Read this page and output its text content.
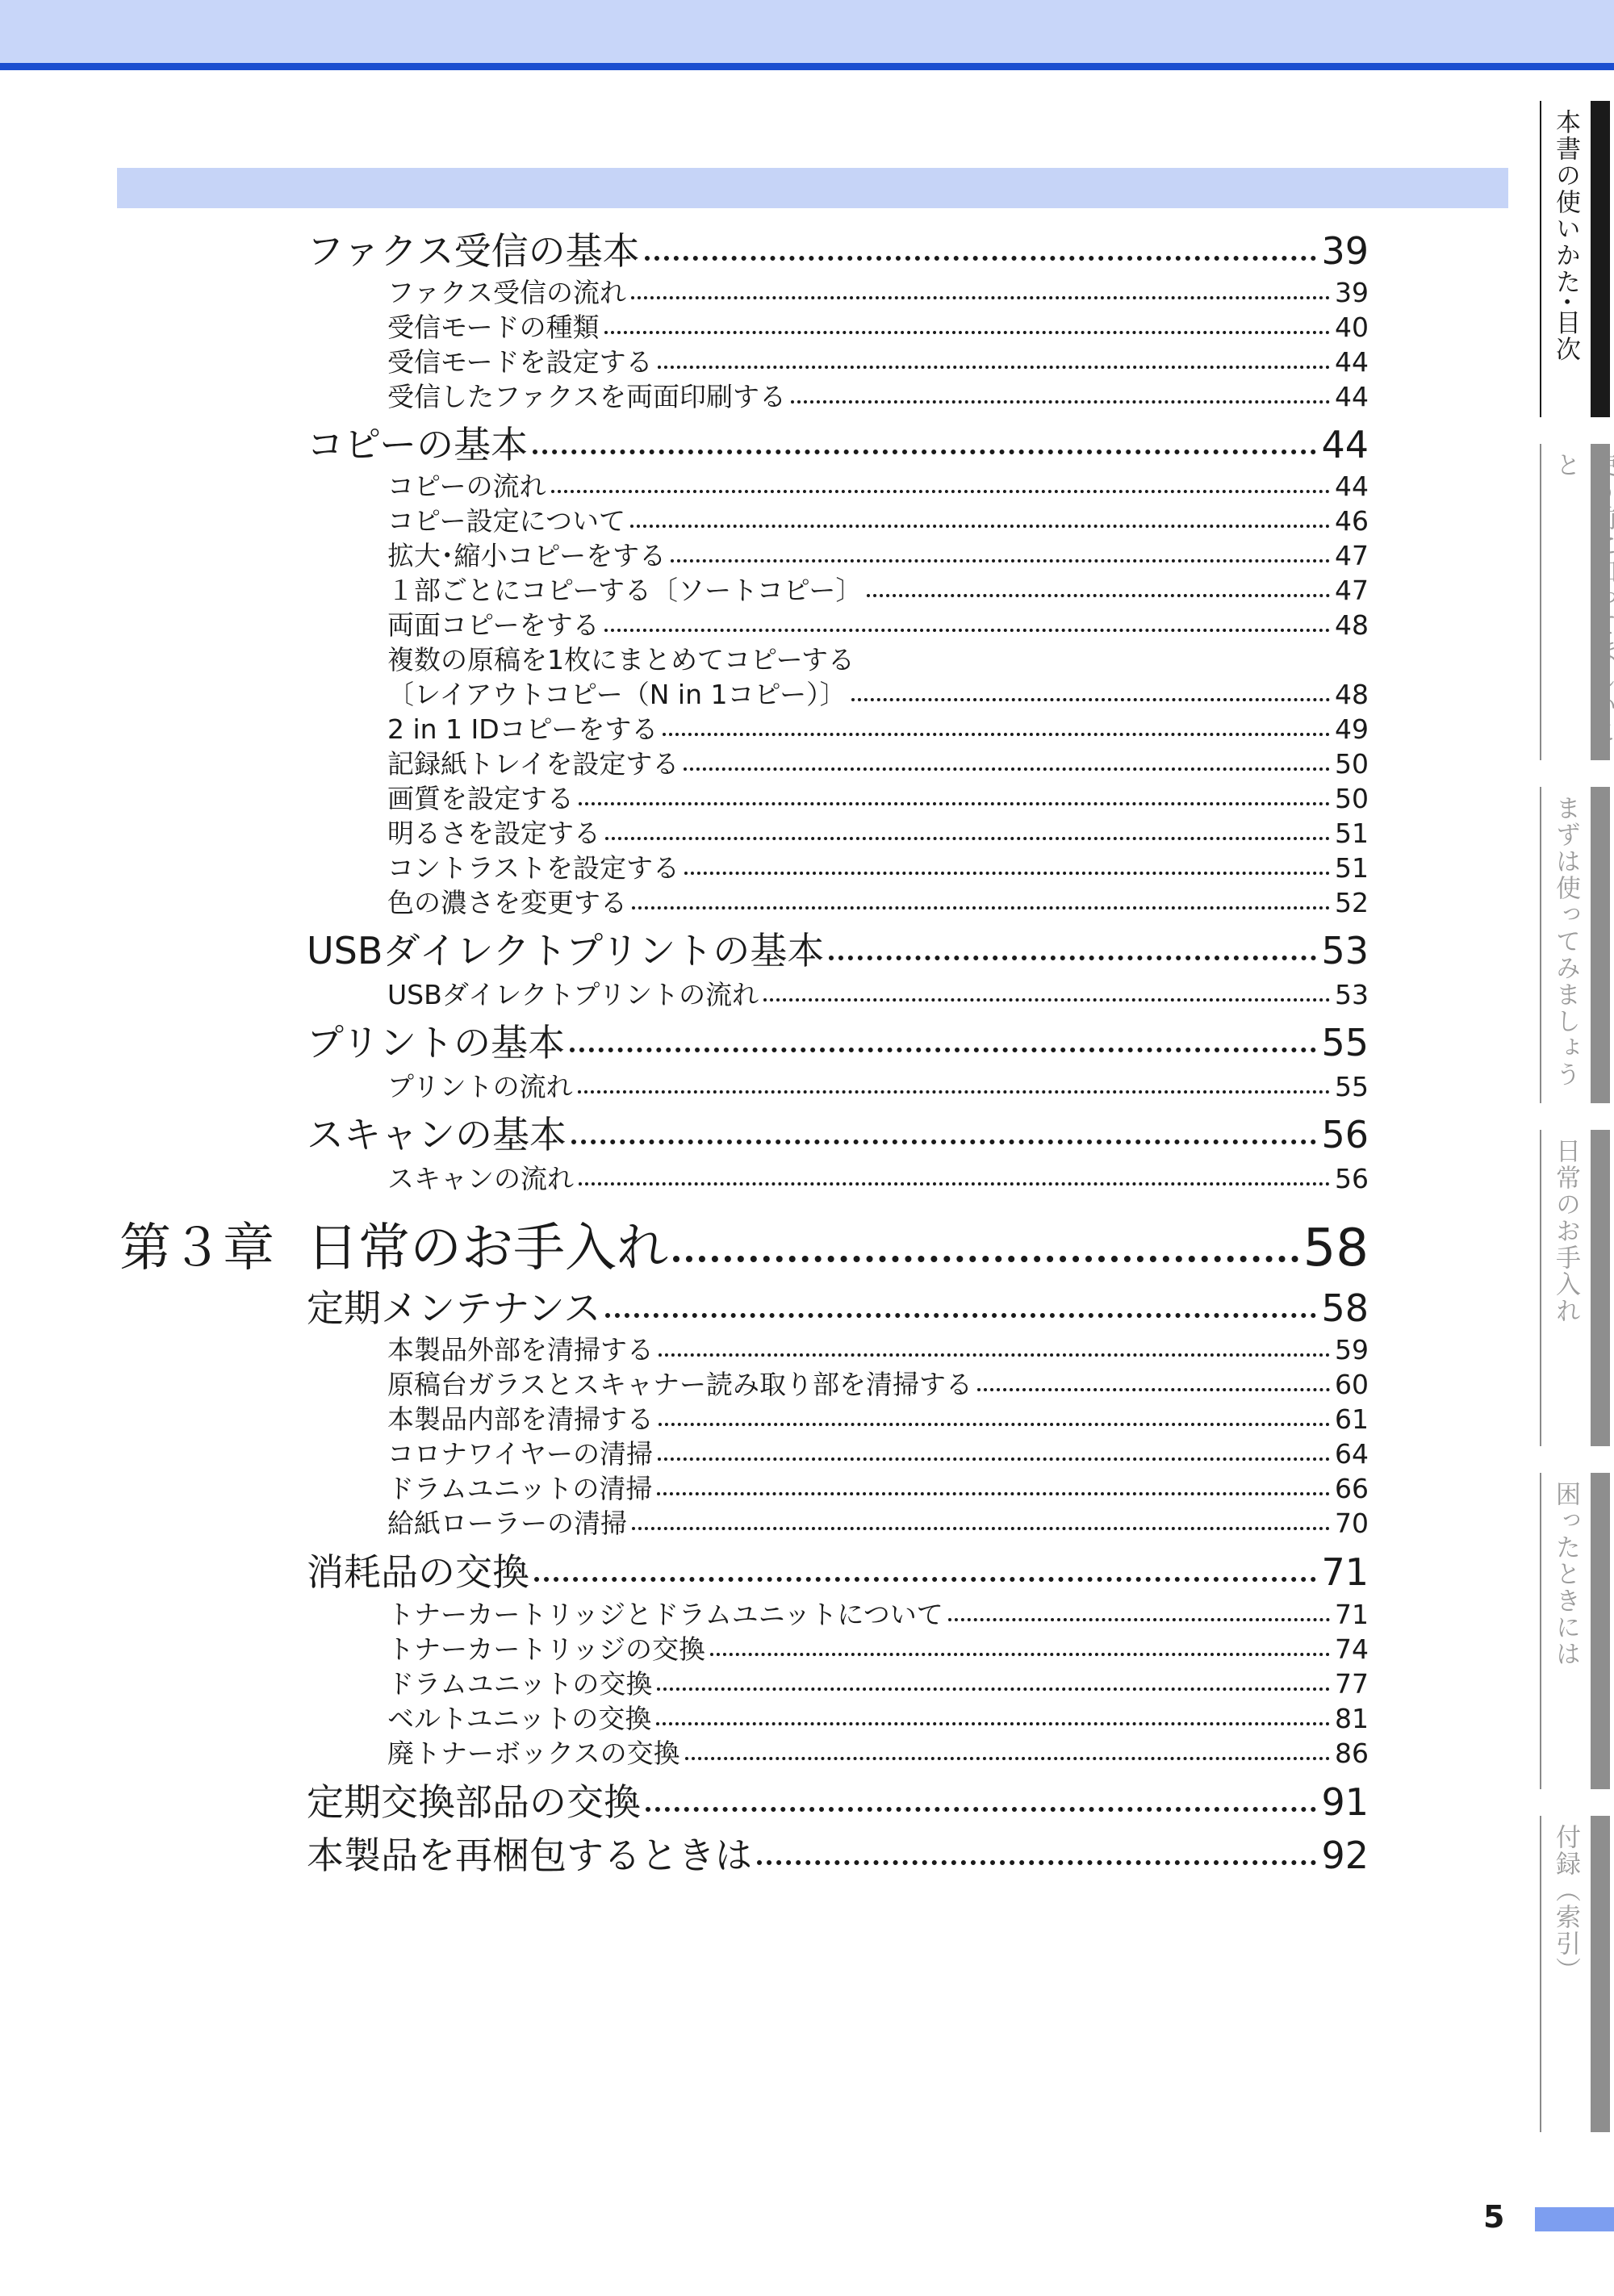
ファクス受信の基本	39
ファクス受信の流れ	39
受信モードの種類	40
受信モードを設定する	44
受信したファクスを両面印刷する	44
コピーの基本	44
コピーの流れ	44
コピー設定について	46
拡大･縮小コピーをする	47
１部ごとにコピーする〔ソートコピー〕	47
両面コピーをする	48
複数の原稿を1枚にまとめてコピーする
〔レイアウトコピー（N in 1コピー）〕	48
2 in 1 IDコピーをする	49
記録紙トレイを設定する	50
画質を設定する	50
明るさを設定する	51
コントラストを設定する	51
色の濃さを変更する	52
USBダイレクトプリントの基本	53
USBダイレクトプリントの流れ	53
プリントの基本	55
プリントの流れ	55
スキャンの基本	56
スキャンの流れ	56
第３章 日常のお手入れ	58
定期メンテナンス	58
本製品外部を清掃する	59
原稿台ガラスとスキャナー読み取り部を清掃する	60
本製品内部を清掃する	61
コロナワイヤーの清掃	64
ドラムユニットの清掃	66
給紙ローラーの清掃	70
消耗品の交換	71
トナーカートリッジとドラムユニットについて	71
トナーカートリッジの交換	74
ドラムユニットの交換	77
ベルトユニットの交換	81
廃トナーボックスの交換	86
定期交換部品の交換	91
本製品を再梱包するときは	92
本書の使いかた･目次
と
まずは使ってみましょう
日常のお手入れ
困ったときには
付録（索引）
5
